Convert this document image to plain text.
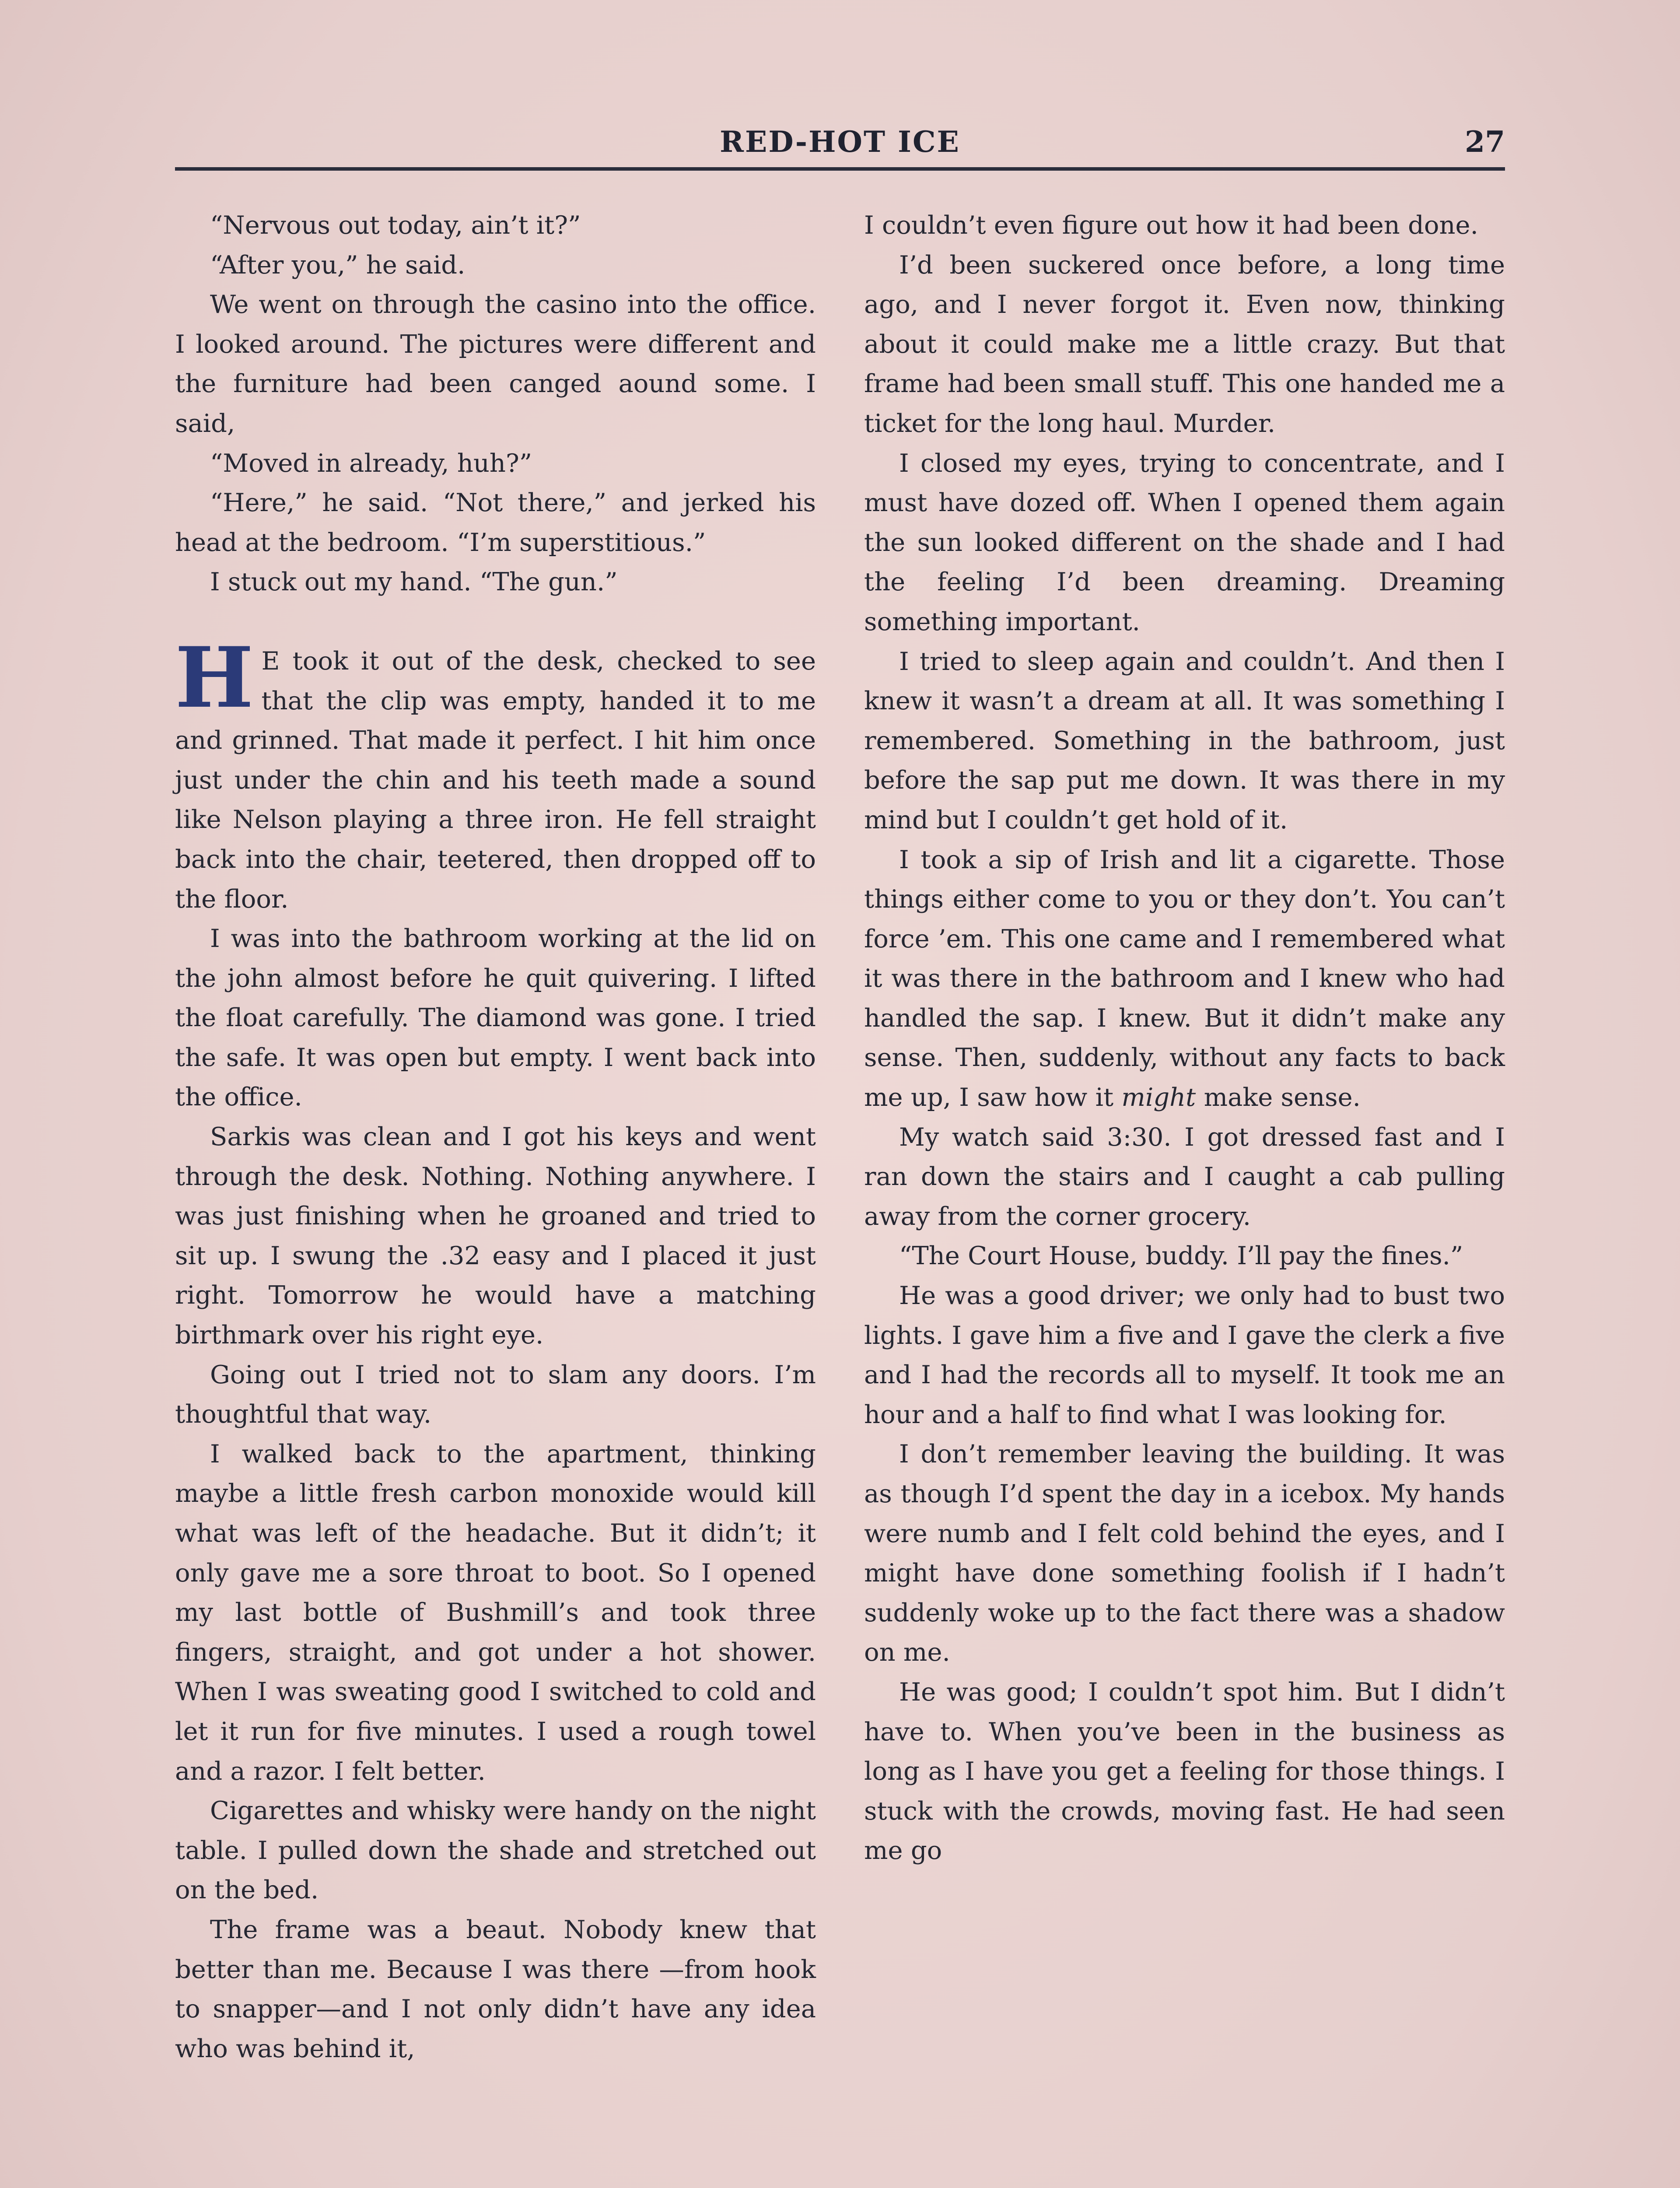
RED-HOT ICE	27

“Nervous out today, ain’t it?”

“After you,” he said.

We went on through the casino into the office. I looked around. The pictures were different and the furniture had been canged aound some. I said,

“Moved in already, huh?”

“Here,” he said. “Not there,” and jerked his head at the bedroom. “I’m superstitious.”

I stuck out my hand. “The gun.”

H E took it out of the desk, checked to see that the clip was empty, handed it to me and grinned. That made it perfect. I hit him once just under the chin and his teeth made a sound like Nelson playing a three iron. He fell straight back into the chair, teetered, then dropped off to the floor.

I was into the bathroom working at the lid on the john almost before he quit quivering. I lifted the float carefully. The diamond was gone. I tried the safe. It was open but empty. I went back into the office.

Sarkis was clean and I got his keys and went through the desk. Nothing. Nothing anywhere. I was just finishing when he groaned and tried to sit up. I swung the .32 easy and I placed it just right. Tomorrow he would have a matching birthmark over his right eye.

Going out I tried not to slam any doors. I’m thoughtful that way.

I walked back to the apartment, thinking maybe a little fresh carbon monoxide would kill what was left of the headache. But it didn’t; it only gave me a sore throat to boot. So I opened my last bottle of Bushmill’s and took three fingers, straight, and got under a hot shower. When I was sweating good I switched to cold and let it run for five minutes. I used a rough towel and a razor. I felt better.

Cigarettes and whisky were handy on the night table. I pulled down the shade and stretched out on the bed.

The frame was a beaut. Nobody knew that better than me. Because I was there —from hook to snapper—and I not only didn’t have any idea who was behind it,

I couldn’t even figure out how it had been done.

I’d been suckered once before, a long time ago, and I never forgot it. Even now, thinking about it could make me a little crazy. But that frame had been small stuff. This one handed me a ticket for the long haul. Murder.

I closed my eyes, trying to concentrate, and I must have dozed off. When I opened them again the sun looked different on the shade and I had the feeling I’d been dreaming. Dreaming something important.

I tried to sleep again and couldn’t. And then I knew it wasn’t a dream at all. It was something I remembered. Something in the bathroom, just before the sap put me down. It was there in my mind but I couldn’t get hold of it.

I took a sip of Irish and lit a cigarette. Those things either come to you or they don’t. You can’t force ’em. This one came and I remembered what it was there in the bathroom and I knew who had handled the sap. I knew. But it didn’t make any sense. Then, suddenly, without any facts to back me up, I saw how it might make sense.

My watch said 3:30. I got dressed fast and I ran down the stairs and I caught a cab pulling away from the corner grocery.

“The Court House, buddy. I’ll pay the fines.”

He was a good driver; we only had to bust two lights. I gave him a five and I gave the clerk a five and I had the records all to myself. It took me an hour and a half to find what I was looking for.

I don’t remember leaving the building. It was as though I’d spent the day in a icebox. My hands were numb and I felt cold behind the eyes, and I might have done something foolish if I hadn’t suddenly woke up to the fact there was a shadow on me.

He was good; I couldn’t spot him. But I didn’t have to. When you’ve been in the business as long as I have you get a feeling for those things. I stuck with the crowds, moving fast. He had seen me go
